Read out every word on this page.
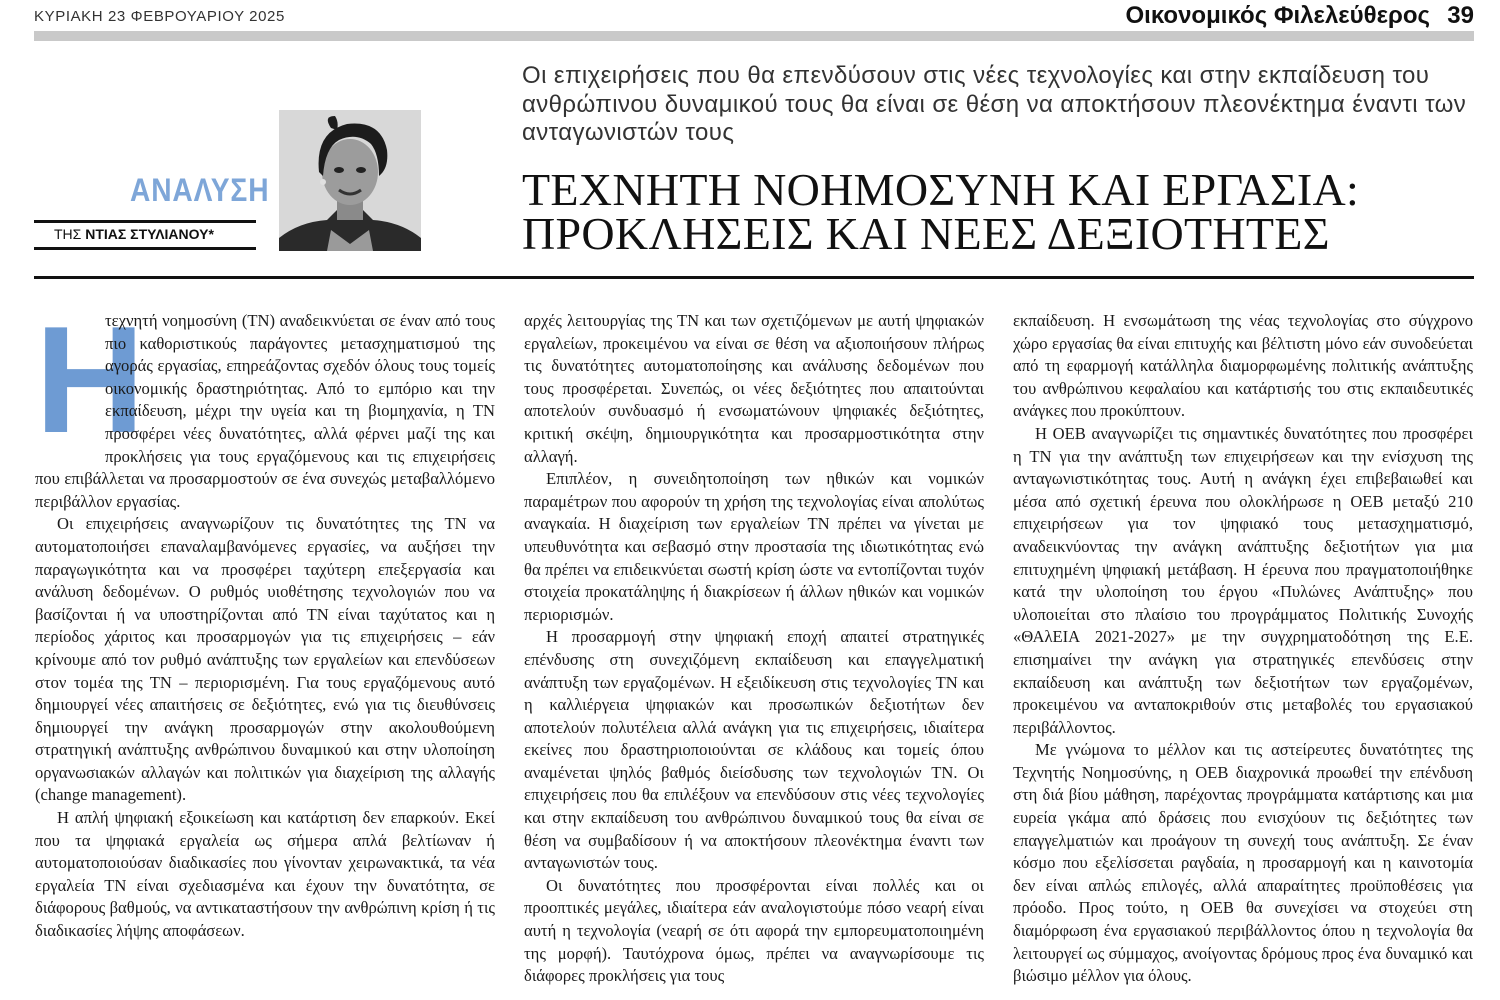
ΚΥΡΙΑΚΗ 23 ΦΕΒΡΟΥΑΡΙΟΥ 2025	Οικονομικός Φιλελεύθερος 39
ΑΝΑΛΥΣΗ
ΤΗΣ ΝΤΙΑΣ ΣΤΥΛΙΑΝΟΥ*
Οι επιχειρήσεις που θα επενδύσουν στις νέες τεχνολογίες και στην εκπαίδευση του ανθρώπινου δυναμικού τους θα είναι σε θέση να αποκτήσουν πλεονέκτημα έναντι των ανταγωνιστών τους
ΤΕΧΝΗΤΗ ΝΟΗΜΟΣΥΝΗ ΚΑΙ ΕΡΓΑΣΙΑ:
ΠΡΟΚΛΗΣΕΙΣ ΚΑΙ ΝΕΕΣ ΔΕΞΙΟΤΗΤΕΣ
Η

τεχνητή νοημοσύνη (ΤΝ) αναδεικνύεται σε έναν από τους πιο καθοριστικούς παράγοντες μετασχηματισμού της αγοράς εργασίας, επηρεάζοντας σχεδόν όλους τους τομείς οικονομικής δραστηριότητας. Από το εμπόριο και την εκπαίδευση, μέχρι την υγεία και τη βιομηχανία, η ΤΝ προσφέρει νέες δυνατότητες, αλλά φέρνει μαζί της και προκλήσεις για τους εργαζόμενους και τις επιχειρήσεις που επιβάλλεται να προσαρμοστούν σε ένα συνεχώς μεταβαλλόμενο περιβάλλον εργασίας.

Οι επιχειρήσεις αναγνωρίζουν τις δυνατότητες της ΤΝ να αυτοματοποιήσει επαναλαμβανόμενες εργασίες, να αυξήσει την παραγωγικότητα και να προσφέρει ταχύτερη επεξεργασία και ανάλυση δεδομένων. Ο ρυθμός υιοθέτησης τεχνολογιών που να βασίζονται ή να υποστηρίζονται από ΤΝ είναι ταχύτατος και η περίοδος χάριτος και προσαρμογών για τις επιχειρήσεις – εάν κρίνουμε από τον ρυθμό ανάπτυξης των εργαλείων και επενδύσεων στον τομέα της ΤΝ – περιορισμένη. Για τους εργαζόμενους αυτό δημιουργεί νέες απαιτήσεις σε δεξιότητες, ενώ για τις διευθύνσεις δημιουργεί την ανάγκη προσαρμογών στην ακολουθούμενη στρατηγική ανάπτυξης ανθρώπινου δυναμικού και στην υλοποίηση οργανωσιακών αλλαγών και πολιτικών για διαχείριση της αλλαγής (change management).

Η απλή ψηφιακή εξοικείωση και κατάρτιση δεν επαρκούν. Εκεί που τα ψηφιακά εργαλεία ως σήμερα απλά βελτίωναν ή αυτοματοποιούσαν διαδικασίες που γίνονταν χειρωνακτικά, τα νέα εργαλεία ΤΝ είναι σχεδιασμένα και έχουν την δυνατότητα, σε διάφορους βαθμούς, να αντικαταστήσουν την ανθρώπινη κρίση ή τις διαδικασίες λήψης αποφάσεων.

αρχές λειτουργίας της ΤΝ και των σχετιζόμενων με αυτή ψηφιακών εργαλείων, προκειμένου να είναι σε θέση να αξιοποιήσουν πλήρως τις δυνατότητες αυτοματοποίησης και ανάλυσης δεδομένων που τους προσφέρεται. Συνεπώς, οι νέες δεξιότητες που απαιτούνται αποτελούν συνδυασμό ή ενσωματώνουν ψηφιακές δεξιότητες, κριτική σκέψη, δημιουργικότητα και προσαρμοστικότητα στην αλλαγή.

Επιπλέον, η συνειδητοποίηση των ηθικών και νομικών παραμέτρων που αφορούν τη χρήση της τεχνολογίας είναι απολύτως αναγκαία. Η διαχείριση των εργαλείων ΤΝ πρέπει να γίνεται με υπευθυνότητα και σεβασμό στην προστασία της ιδιωτικότητας ενώ θα πρέπει να επιδεικνύεται σωστή κρίση ώστε να εντοπίζονται τυχόν στοιχεία προκατάληψης ή διακρίσεων ή άλλων ηθικών και νομικών περιορισμών.

Η προσαρμογή στην ψηφιακή εποχή απαιτεί στρατηγικές επένδυσης στη συνεχιζόμενη εκπαίδευση και επαγγελματική ανάπτυξη των εργαζομένων. Η εξειδίκευση στις τεχνολογίες ΤΝ και η καλλιέργεια ψηφιακών και προσωπικών δεξιοτήτων δεν αποτελούν πολυτέλεια αλλά ανάγκη για τις επιχειρήσεις, ιδιαίτερα εκείνες που δραστηριοποιούνται σε κλάδους και τομείς όπου αναμένεται ψηλός βαθμός διείσδυσης των τεχνολογιών ΤΝ. Οι επιχειρήσεις που θα επιλέξουν να επενδύσουν στις νέες τεχνολογίες και στην εκπαίδευση του ανθρώπινου δυναμικού τους θα είναι σε θέση να συμβαδίσουν ή να αποκτήσουν πλεονέκτημα έναντι των ανταγωνιστών τους.

Οι δυνατότητες που προσφέρονται είναι πολλές και οι προοπτικές μεγάλες, ιδιαίτερα εάν αναλογιστούμε πόσο νεαρή είναι αυτή η τεχνολογία (νεαρή σε ότι αφορά την εμπορευματοποιημένη της μορφή). Ταυτόχρονα όμως, πρέπει να αναγνωρίσουμε τις διάφορες προκλήσεις για τους

εκπαίδευση. Η ενσωμάτωση της νέας τεχνολογίας στο σύγχρονο χώρο εργασίας θα είναι επιτυχής και βέλτιστη μόνο εάν συνοδεύεται από τη εφαρμογή κατάλληλα διαμορφωμένης πολιτικής ανάπτυξης του ανθρώπινου κεφαλαίου και κατάρτισής του στις εκπαιδευτικές ανάγκες που προκύπτουν.

Η ΟΕΒ αναγνωρίζει τις σημαντικές δυνατότητες που προσφέρει η ΤΝ για την ανάπτυξη των επιχειρήσεων και την ενίσχυση της ανταγωνιστικότητας τους. Αυτή η ανάγκη έχει επιβεβαιωθεί και μέσα από σχετική έρευνα που ολοκλήρωσε η ΟΕΒ μεταξύ 210 επιχειρήσεων για τον ψηφιακό τους μετασχηματισμό, αναδεικνύοντας την ανάγκη ανάπτυξης δεξιοτήτων για μια επιτυχημένη ψηφιακή μετάβαση. Η έρευνα που πραγματοποιήθηκε κατά την υλοποίηση του έργου «Πυλώνες Ανάπτυξης» που υλοποιείται στο πλαίσιο του προγράμματος Πολιτικής Συνοχής «ΘΑλΕΙΑ 2021-2027» με την συγχρηματοδότηση της Ε.Ε. επισημαίνει την ανάγκη για στρατηγικές επενδύσεις στην εκπαίδευση και ανάπτυξη των δεξιοτήτων των εργαζομένων, προκειμένου να ανταποκριθούν στις μεταβολές του εργασιακού περιβάλλοντος.

Με γνώμονα το μέλλον και τις αστείρευτες δυνατότητες της Τεχνητής Νοημοσύνης, η ΟΕΒ διαχρονικά προωθεί την επένδυση στη διά βίου μάθηση, παρέχοντας προγράμματα κατάρτισης και μια ευρεία γκάμα από δράσεις που ενισχύουν τις δεξιότητες των επαγγελματιών και προάγουν τη συνεχή τους ανάπτυξη. Σε έναν κόσμο που εξελίσσεται ραγδαία, η προσαρμογή και η καινοτομία δεν είναι απλώς επιλογές, αλλά απαραίτητες προϋποθέσεις για πρόοδο. Προς τούτο, η ΟΕΒ θα συνεχίσει να στοχεύει στη διαμόρφωση ένα εργασιακού περιβάλλοντος όπου η τεχνολογία θα λειτουργεί ως σύμμαχος, ανοίγοντας δρόμους προς ένα δυναμικό και βιώσιμο μέλλον για όλους.
